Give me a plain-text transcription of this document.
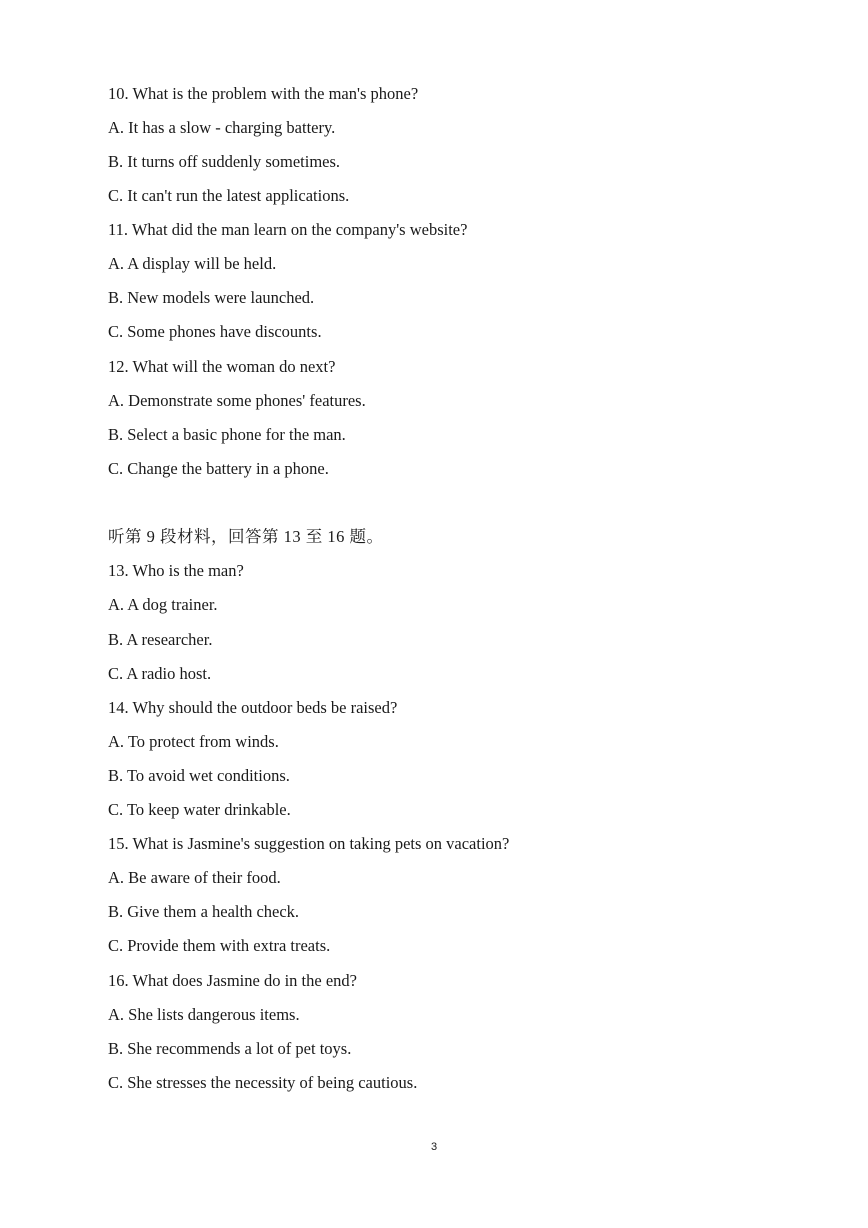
10. What is the problem with the man's phone?
A. It has a slow - charging battery.
B. It turns off suddenly sometimes.
C. It can't run the latest applications.
11. What did the man learn on the company's website?
A. A display will be held.
B. New models were launched.
C. Some phones have discounts.
12. What will the woman do next?
A. Demonstrate some phones' features.
B. Select a basic phone for the man.
C. Change the battery in a phone.
听第 9 段材料，回答第 13 至 16 题。
13. Who is the man?
A. A dog trainer.
B. A researcher.
C. A radio host.
14. Why should the outdoor beds be raised?
A. To protect from winds.
B. To avoid wet conditions.
C. To keep water drinkable.
15. What is Jasmine's suggestion on taking pets on vacation?
A. Be aware of their food.
B. Give them a health check.
C. Provide them with extra treats.
16. What does Jasmine do in the end?
A. She lists dangerous items.
B. She recommends a lot of pet toys.
C. She stresses the necessity of being cautious.
3
